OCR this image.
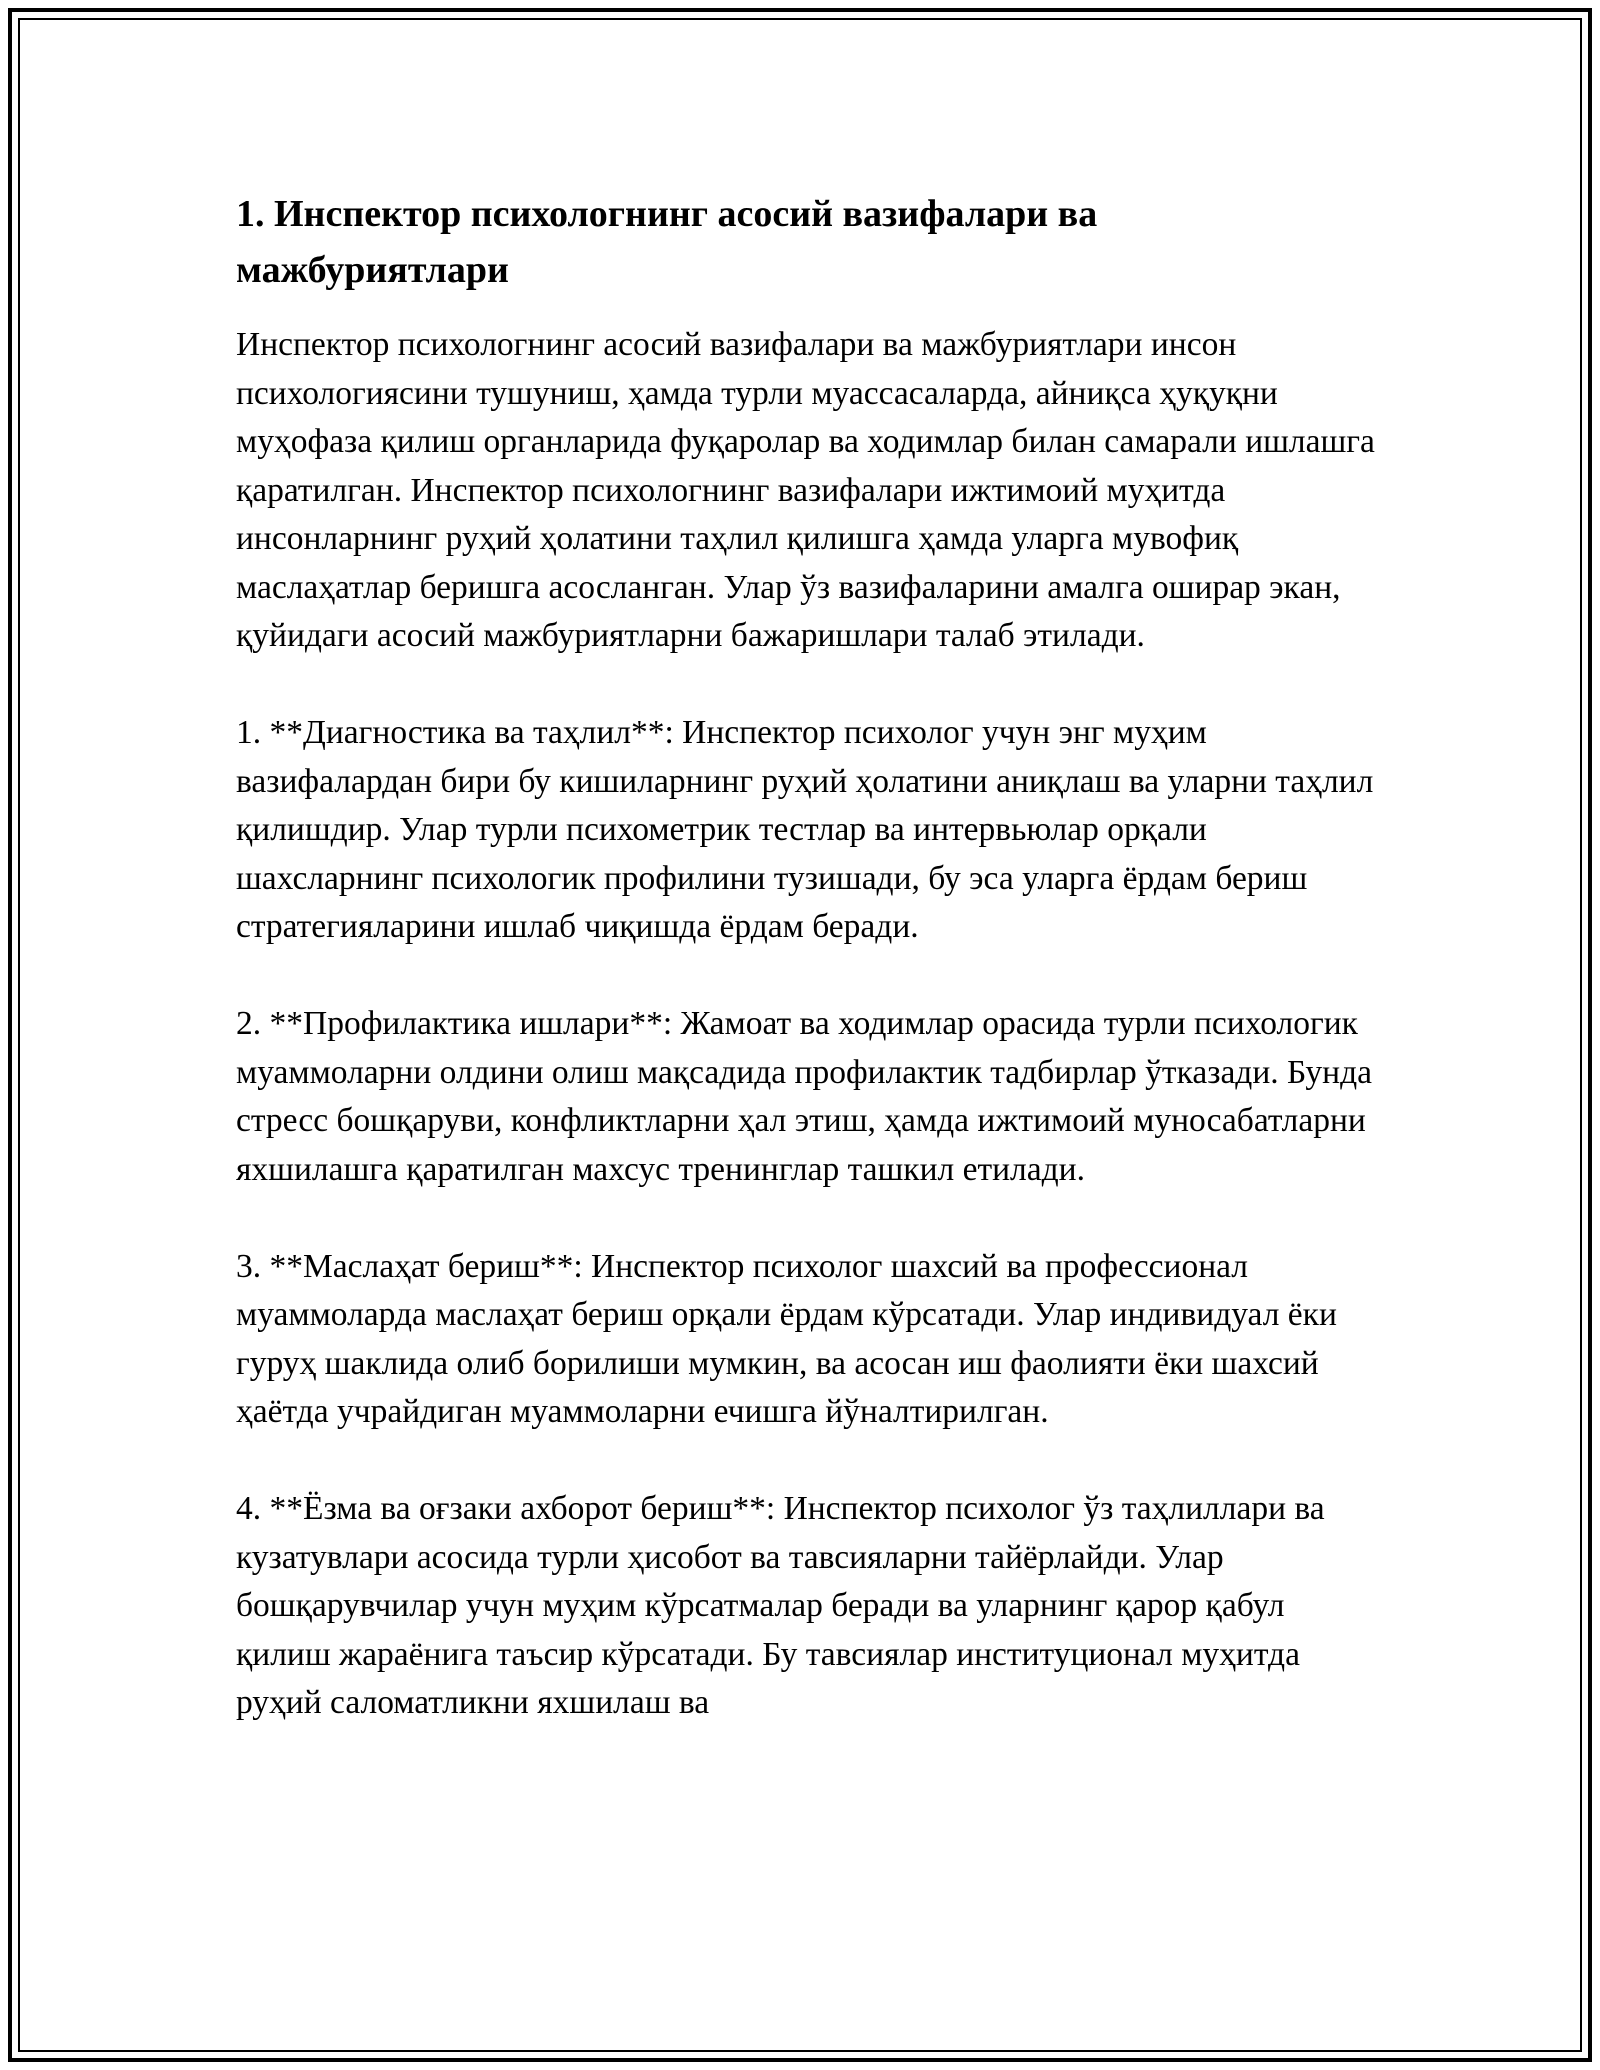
1. Инспектор психологнинг асосий вазифалари ва мажбуриятлари
Инспектор психологнинг асосий вазифалари ва мажбуриятлари инсон психологиясини тушуниш, ҳамда турли муассасаларда, айниқса ҳуқуқни муҳофаза қилиш органларида фуқаролар ва ходимлар билан самарали ишлашга қаратилган. Инспектор психологнинг вазифалари ижтимоий муҳитда инсонларнинг руҳий ҳолатини таҳлил қилишга ҳамда уларга мувофиқ маслаҳатлар беришга асосланган. Улар ўз вазифаларини амалга оширар экан, қуйидаги асосий мажбуриятларни бажаришлари талаб этилади.
1. **Диагностика ва таҳлил**: Инспектор психолог учун энг муҳим вазифалардан бири бу кишиларнинг руҳий ҳолатини аниқлаш ва уларни таҳлил қилишдир. Улар турли психометрик тестлар ва интервьюлар орқали шахсларнинг психологик профилини тузишади, бу эса уларга ёрдам бериш стратегияларини ишлаб чиқишда ёрдам беради.
2. **Профилактика ишлари**: Жамоат ва ходимлар орасида турли психологик муаммоларни олдини олиш мақсадида профилактик тадбирлар ўтказади. Бунда стресс бошқаруви, конфликтларни ҳал этиш, ҳамда ижтимоий муносабатларни яхшилашга қаратилган махсус тренинглар ташкил етилади.
3. **Маслаҳат бериш**: Инспектор психолог шахсий ва профессионал муаммоларда маслаҳат бериш орқали ёрдам кўрсатади. Улар индивидуал ёки гуруҳ шаклида олиб борилиши мумкин, ва асосан иш фаолияти ёки шахсий ҳаётда учрайдиган муаммоларни ечишга йўналтирилган.
4. **Ёзма ва оғзаки ахборот бериш**: Инспектор психолог ўз таҳлиллари ва кузатувлари асосида турли ҳисобот ва тавсияларни тайёрлайди. Улар бошқарувчилар учун муҳим кўрсатмалар беради ва уларнинг қарор қабул қилиш жараёнига таъсир кўрсатади. Бу тавсиялар институционал муҳитда руҳий саломатликни яхшилаш ва
